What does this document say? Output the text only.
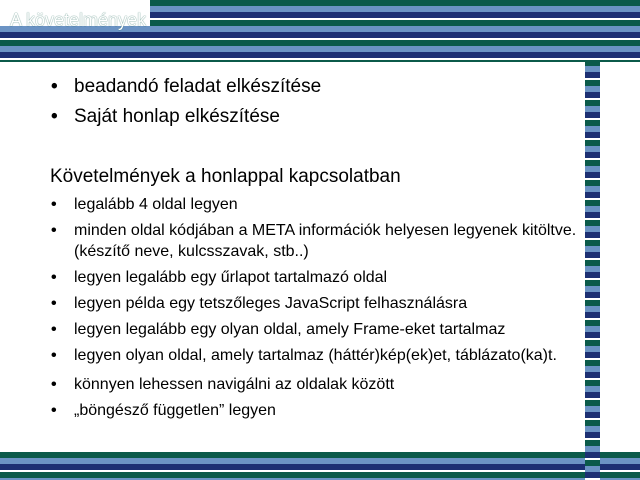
A követelmények
• beadandó feladat elkészítése
• Saját honlap elkészítése
Követelmények a honlappal kapcsolatban
• legalább 4 oldal legyen
• minden oldal kódjában a META információk helyesen legyenek kitöltve. (készítő neve, kulcsszavak, stb..)
• legyen legalább egy űrlapot tartalmazó oldal
• legyen példa egy tetszőleges JavaScript felhasználásra
• legyen legalább egy olyan oldal, amely Frame-eket tartalmaz
• legyen olyan oldal, amely tartalmaz (háttér)kép(ek)et, táblázato(ka)t.
• könnyen lehessen navigálni az oldalak között
• „böngésző független” legyen
